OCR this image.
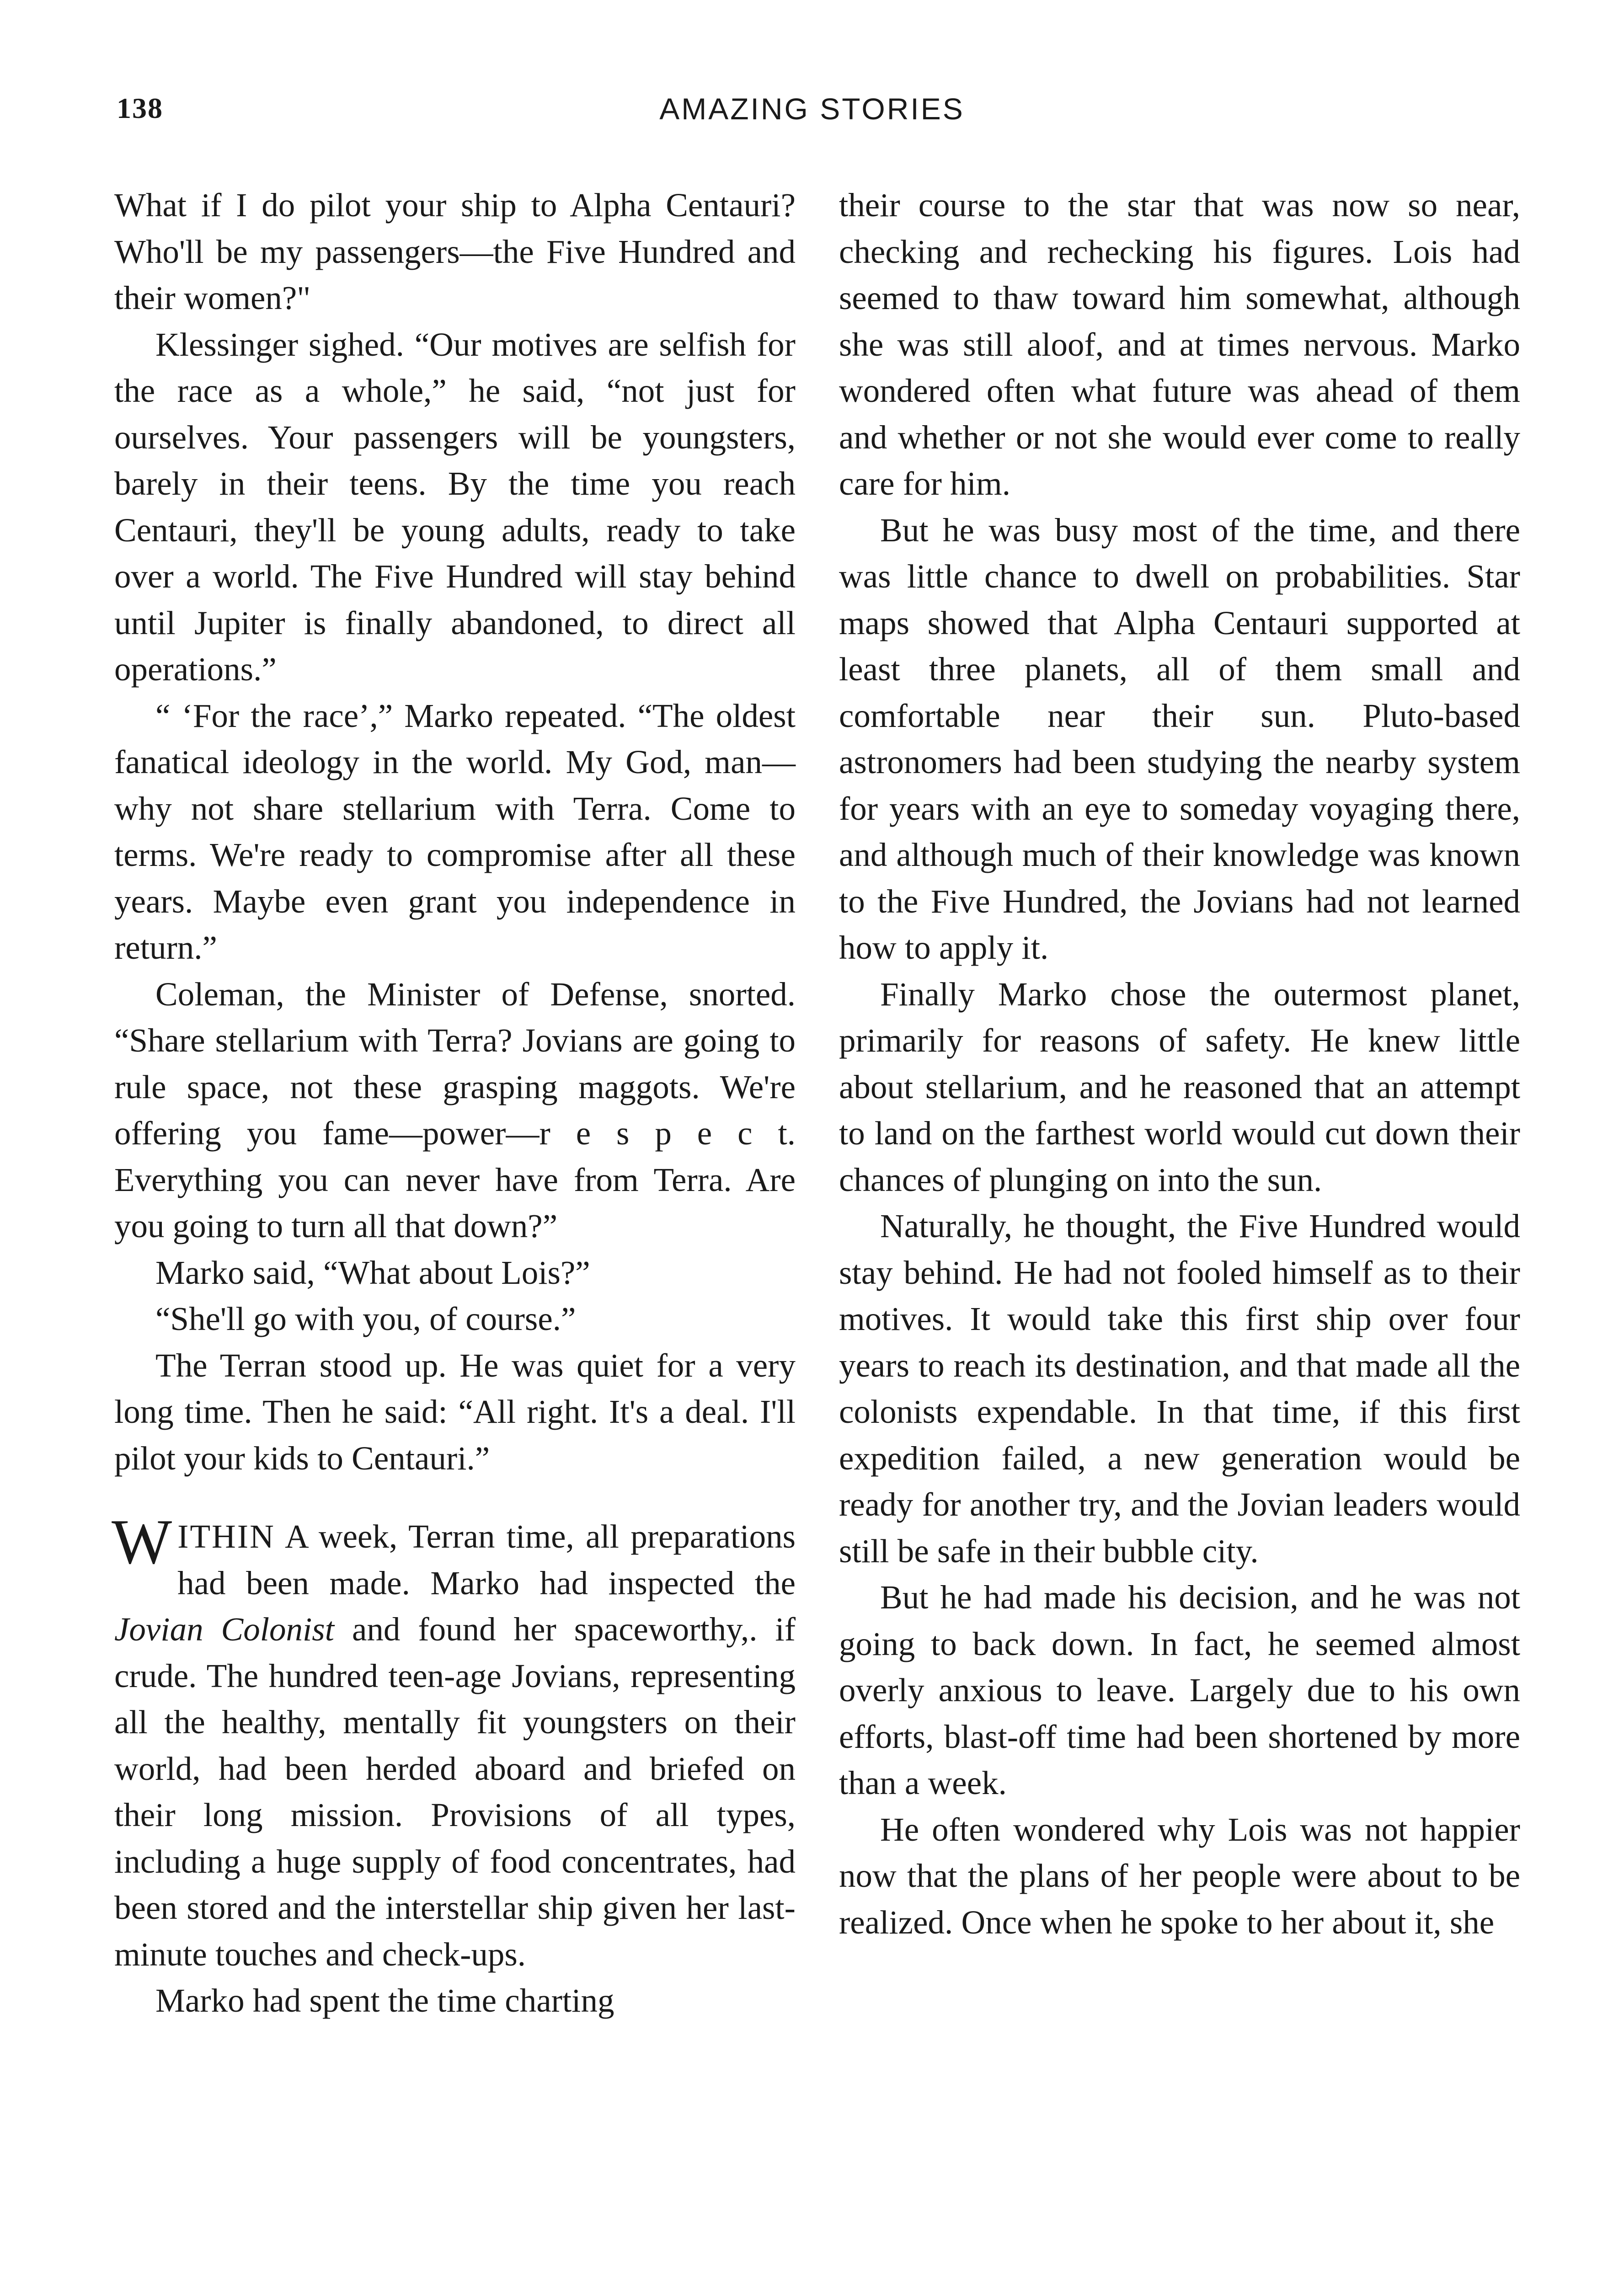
138	AMAZING STORIES

What if I do pilot your ship to Alpha Centauri? Who'll be my passengers—the Five Hundred and their women?"

Klessinger sighed. “Our motives are selfish for the race as a whole,” he said, “not just for ourselves. Your passengers will be youngsters, barely in their teens. By the time you reach Centauri, they'll be young adults, ready to take over a world. The Five Hundred will stay behind until Jupiter is finally abandoned, to direct all operations.”

“ ‘For the race’,” Marko repeated. “The oldest fanatical ideology in the world. My God, man—why not share stellarium with Terra. Come to terms. We're ready to compromise after all these years. Maybe even grant you independence in return.”

Coleman, the Minister of Defense, snorted. “Share stellarium with Terra? Jovians are going to rule space, not these grasping maggots. We're offering you fame—power—r e s p e c t. Everything you can never have from Terra. Are you going to turn all that down?”

Marko said, “What about Lois?”

“She'll go with you, of course.”

The Terran stood up. He was quiet for a very long time. Then he said: “All right. It's a deal. I'll pilot your kids to Centauri.”

WITHIN A week, Terran time, all preparations had been made. Marko had inspected the Jovian Colonist and found her spaceworthy,. if crude. The hundred teen-age Jovians, representing all the healthy, mentally fit youngsters on their world, had been herded aboard and briefed on their long mission. Provisions of all types, including a huge supply of food concentrates, had been stored and the interstellar ship given her last-minute touches and check-ups.

Marko had spent the time charting

their course to the star that was now so near, checking and rechecking his figures. Lois had seemed to thaw toward him somewhat, although she was still aloof, and at times nervous. Marko wondered often what future was ahead of them and whether or not she would ever come to really care for him.

But he was busy most of the time, and there was little chance to dwell on probabilities. Star maps showed that Alpha Centauri supported at least three planets, all of them small and comfortable near their sun. Pluto-based astronomers had been studying the nearby system for years with an eye to someday voyaging there, and although much of their knowledge was known to the Five Hundred, the Jovians had not learned how to apply it.

Finally Marko chose the outermost planet, primarily for reasons of safety. He knew little about stellarium, and he reasoned that an attempt to land on the farthest world would cut down their chances of plunging on into the sun.

Naturally, he thought, the Five Hundred would stay behind. He had not fooled himself as to their motives. It would take this first ship over four years to reach its destination, and that made all the colonists expendable. In that time, if this first expedition failed, a new generation would be ready for another try, and the Jovian leaders would still be safe in their bubble city.

But he had made his decision, and he was not going to back down. In fact, he seemed almost overly anxious to leave. Largely due to his own efforts, blast-off time had been shortened by more than a week.

He often wondered why Lois was not happier now that the plans of her people were about to be realized. Once when he spoke to her about it, she
